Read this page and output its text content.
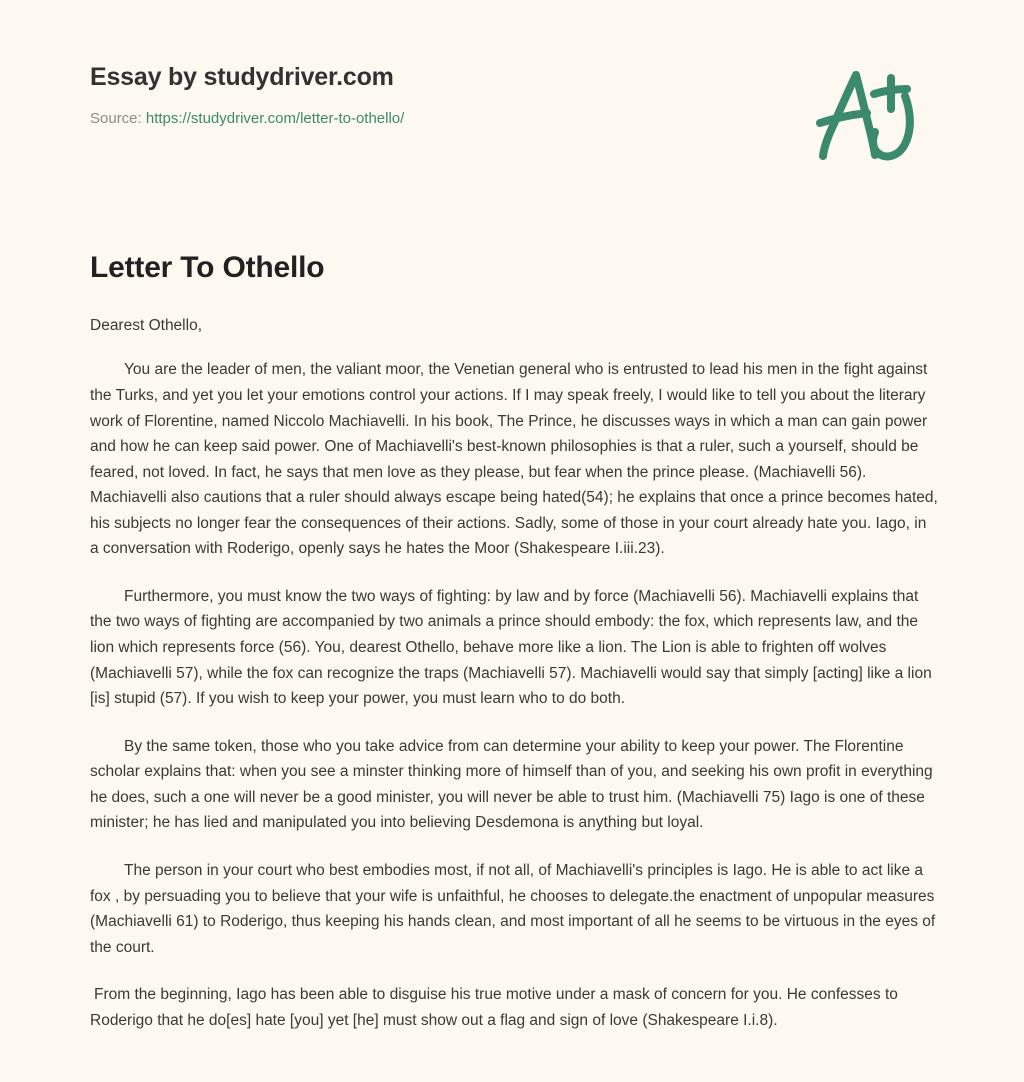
Essay by studydriver.com
Source: https://studydriver.com/letter-to-othello/
Letter To Othello

Dearest Othello,

You are the leader of men, the valiant moor, the Venetian general who is entrusted to lead his men in the fight against the Turks, and yet you let your emotions control your actions. If I may speak freely, I would like to tell you about the literary work of Florentine, named Niccolo Machiavelli. In his book, The Prince, he discusses ways in which a man can gain power and how he can keep said power. One of Machiavelli's best-known philosophies is that a ruler, such a yourself, should be feared, not loved. In fact, he says that men love as they please, but fear when the prince please. (Machiavelli 56). Machiavelli also cautions that a ruler should always escape being hated(54); he explains that once a prince becomes hated, his subjects no longer fear the consequences of their actions. Sadly, some of those in your court already hate you. Iago, in a conversation with Roderigo, openly says he hates the Moor (Shakespeare I.iii.23).

Furthermore, you must know the two ways of fighting: by law and by force (Machiavelli 56). Machiavelli explains that the two ways of fighting are accompanied by two animals a prince should embody: the fox, which represents law, and the lion which represents force (56). You, dearest Othello, behave more like a lion. The Lion is able to frighten off wolves (Machiavelli 57), while the fox can recognize the traps (Machiavelli 57). Machiavelli would say that simply [acting] like a lion [is] stupid (57). If you wish to keep your power, you must learn who to do both.

By the same token, those who you take advice from can determine your ability to keep your power. The Florentine scholar explains that: when you see a minster thinking more of himself than of you, and seeking his own profit in everything he does, such a one will never be a good minister, you will never be able to trust him. (Machiavelli 75) Iago is one of these minister; he has lied and manipulated you into believing Desdemona is anything but loyal.

The person in your court who best embodies most, if not all, of Machiavelli's principles is Iago. He is able to act like a fox , by persuading you to believe that your wife is unfaithful, he chooses to delegate.the enactment of unpopular measures (Machiavelli 61) to Roderigo, thus keeping his hands clean, and most important of all he seems to be virtuous in the eyes of the court.

From the beginning, Iago has been able to disguise his true motive under a mask of concern for you. He confesses to Roderigo that he do[es] hate [you] yet [he] must show out a flag and sign of love (Shakespeare I.i.8).
